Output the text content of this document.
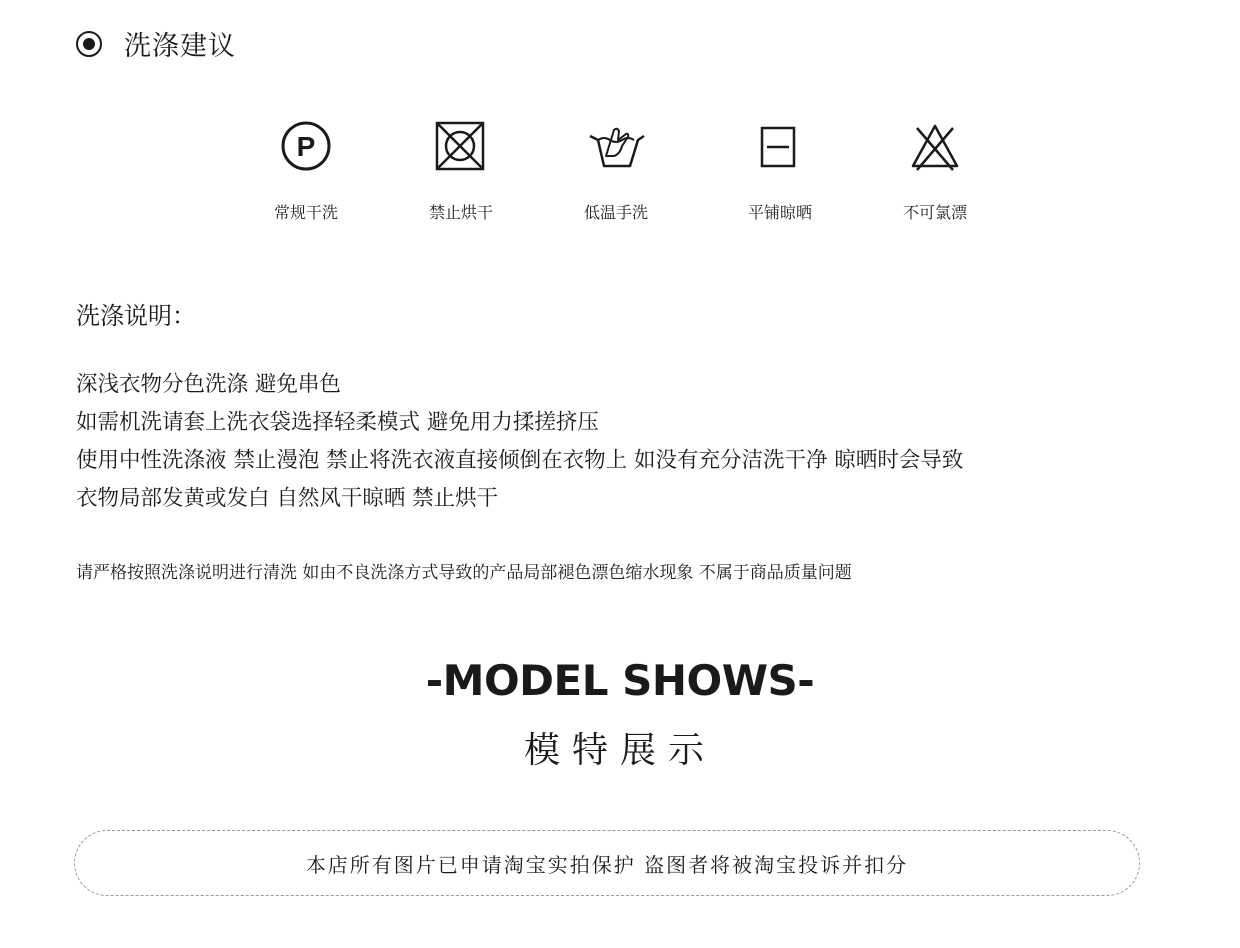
洗涤建议
P
常规干洗	禁止烘干	低温手洗	平铺晾晒	不可氯漂
洗涤说明：
深浅衣物分色洗涤 避免串色
如需机洗请套上洗衣袋选择轻柔模式 避免用力揉搓挤压
使用中性洗涤液 禁止漫泡 禁止将洗衣液直接倾倒在衣物上 如没有充分洁洗干净 晾晒时会导致
衣物局部发黄或发白 自然风干晾晒 禁止烘干
请严格按照洗涤说明进行清洗 如由不良洗涤方式导致的产品局部褪色漂色缩水现象 不属于商品质量问题
-MODEL SHOWS-
模特展示
本店所有图片已申请淘宝实拍保护 盗图者将被淘宝投诉并扣分
